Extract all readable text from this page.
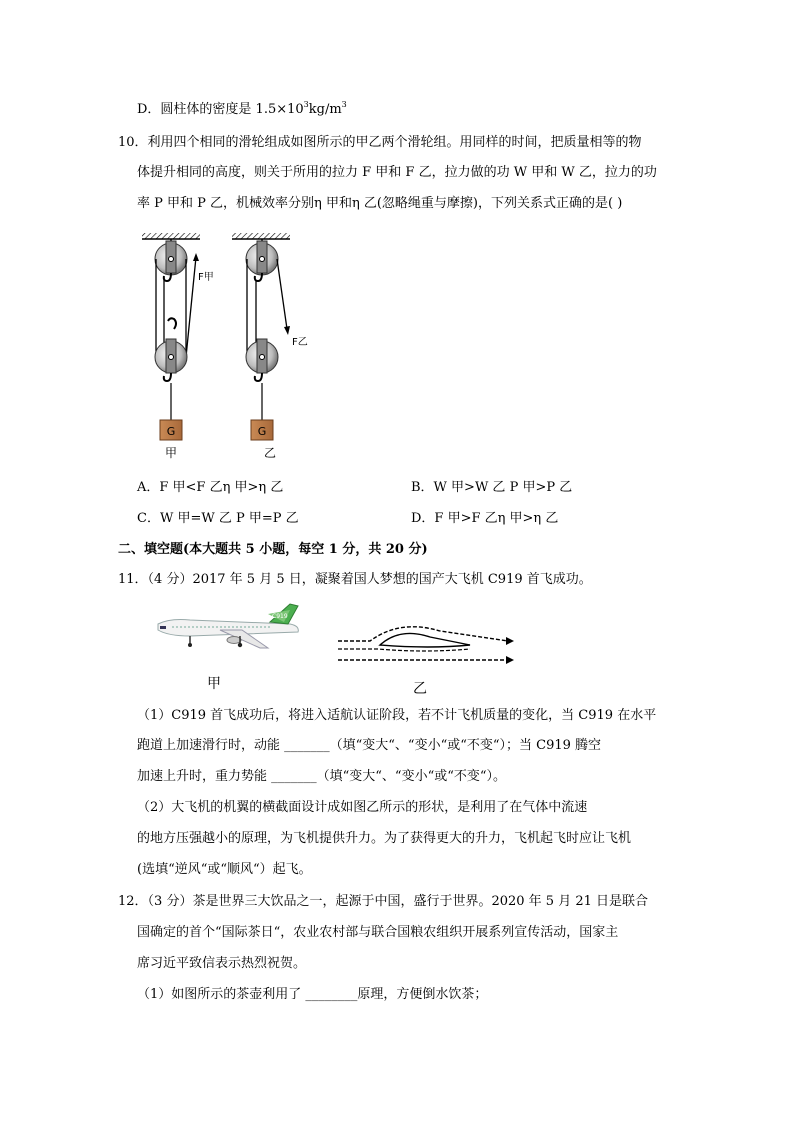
D．圆柱体的密度是 $1.5\times 10^3kg/m^3$
10．利用四个相同的滑轮组成如图所示的甲乙两个滑轮组。用同样的时间，把质量相等的物
体提升相同的高度，则关于所用的拉力 F 甲和 F 乙，拉力做的功 W 甲和 W 乙，拉力的功
率 P 甲和 P 乙，机械效率分别η 甲和η 乙(忽略绳重与摩擦)，下列关系式正确的是( )
F甲
G
甲
F乙
G
乙
A．F 甲<F 乙η 甲>η 乙	B．W 甲>W 乙 P 甲>P 乙
C．W 甲=W 乙 P 甲=P 乙	D．F 甲>F 乙η 甲>η 乙
二、填空题(本大题共 5 小题，每空 1 分，共 20 分)
11．（4 分）2017 年 5 月 5 日，凝聚着国人梦想的国产大飞机 C919 首飞成功。
C919
甲	乙
（1）C919 首飞成功后，将进入适航认证阶段，若不计飞机质量的变化，当 C919 在水平
跑道上加速滑行时，动能 _______（填“变大“、“变小“或“不变“）；当 C919 腾空
加速上升时，重力势能 _______（填“变大“、“变小“或“不变“）。
（2）大飞机的机翼的横截面设计成如图乙所示的形状，是利用了在气体中流速
的地方压强越小的原理，为飞机提供升力。为了获得更大的升力，飞机起飞时应让飞机
(选填“逆风“或“顺风“）起飞。
12．（3 分）茶是世界三大饮品之一，起源于中国，盛行于世界。2020 年 5 月 21 日是联合
国确定的首个“国际茶日“，农业农村部与联合国粮农组织开展系列宣传活动，国家主
席习近平致信表示热烈祝贺。
（1）如图所示的茶壶利用了 ________原理，方便倒水饮茶；
